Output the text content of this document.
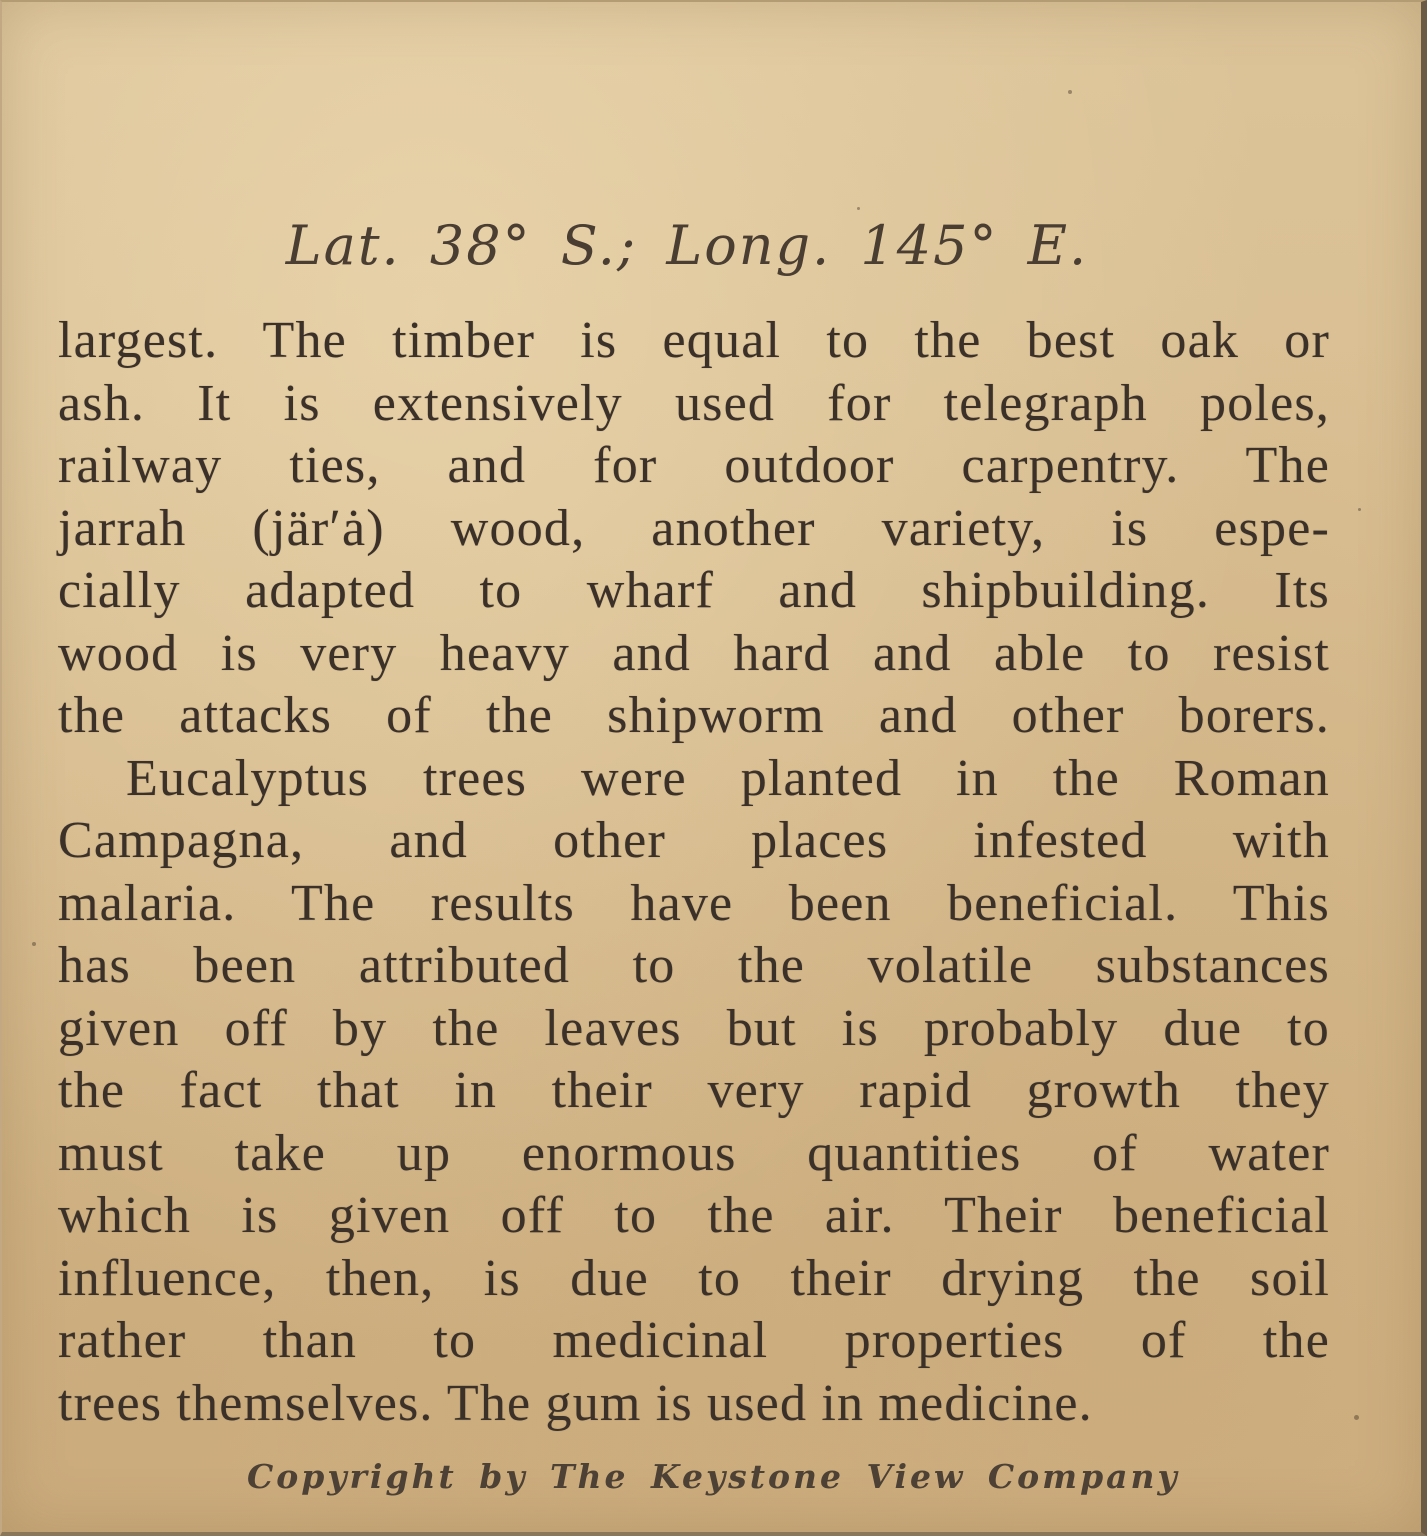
Lat. 38° S.; Long. 145° E.
largest. The timber is equal to the best oak or
ash. It is extensively used for telegraph poles,
railway ties, and for outdoor carpentry. The
jarrah (jär′ȧ) wood, another variety, is espe-
cially adapted to wharf and shipbuilding. Its
wood is very heavy and hard and able to resist
the attacks of the shipworm and other borers.
Eucalyptus trees were planted in the Roman
Campagna, and other places infested with
malaria. The results have been beneficial. This
has been attributed to the volatile substances
given off by the leaves but is probably due to
the fact that in their very rapid growth they
must take up enormous quantities of water
which is given off to the air. Their beneficial
influence, then, is due to their drying the soil
rather than to medicinal properties of the
trees themselves. The gum is used in medicine.
Copyright by The Keystone View Company
